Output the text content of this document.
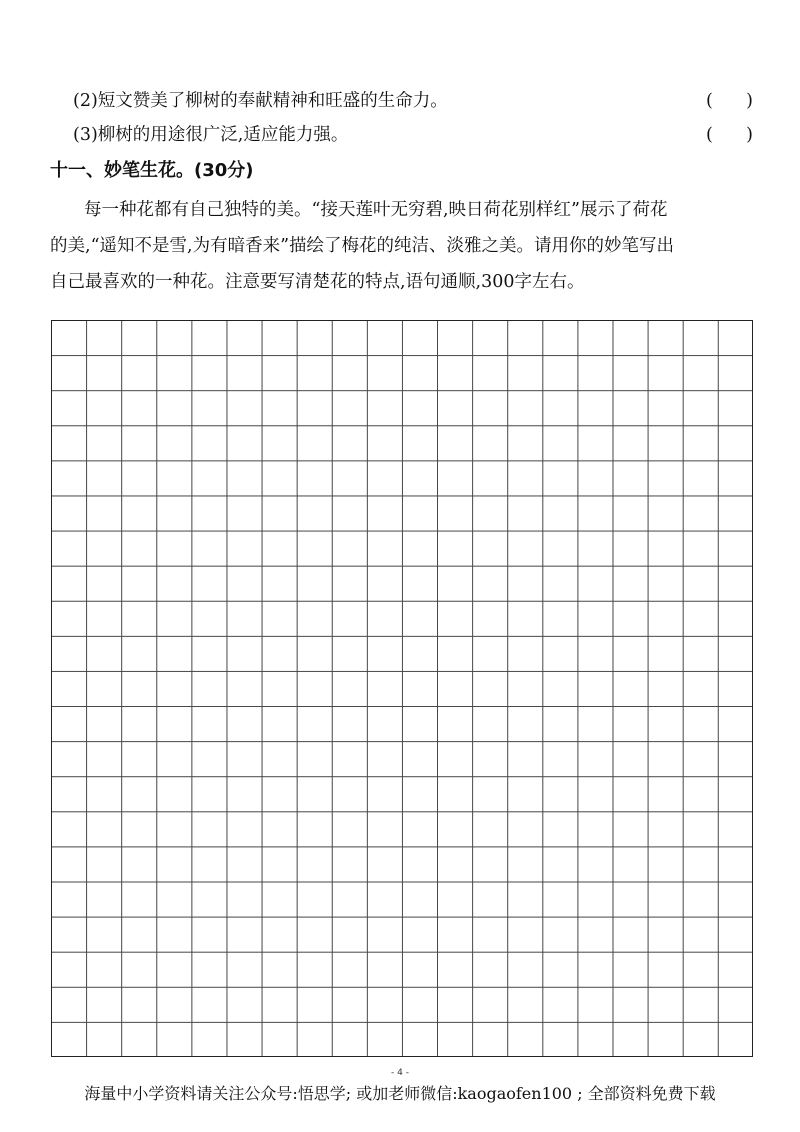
(2)短文赞美了柳树的奉献精神和旺盛的生命力。	(      )
(3)柳树的用途很广泛,适应能力强。	(      )
十一、妙笔生花。(30分)
每一种花都有自己独特的美。“接天莲叶无穷碧,映日荷花别样红”展示了荷花
的美,“遥知不是雪,为有暗香来”描绘了梅花的纯洁、淡雅之美。请用你的妙笔写出
自己最喜欢的一种花。注意要写清楚花的特点,语句通顺,300字左右。
- 4 -
海量中小学资料请关注公众号:悟思学; 或加老师微信:kaogaofen100 ; 全部资料免费下载
